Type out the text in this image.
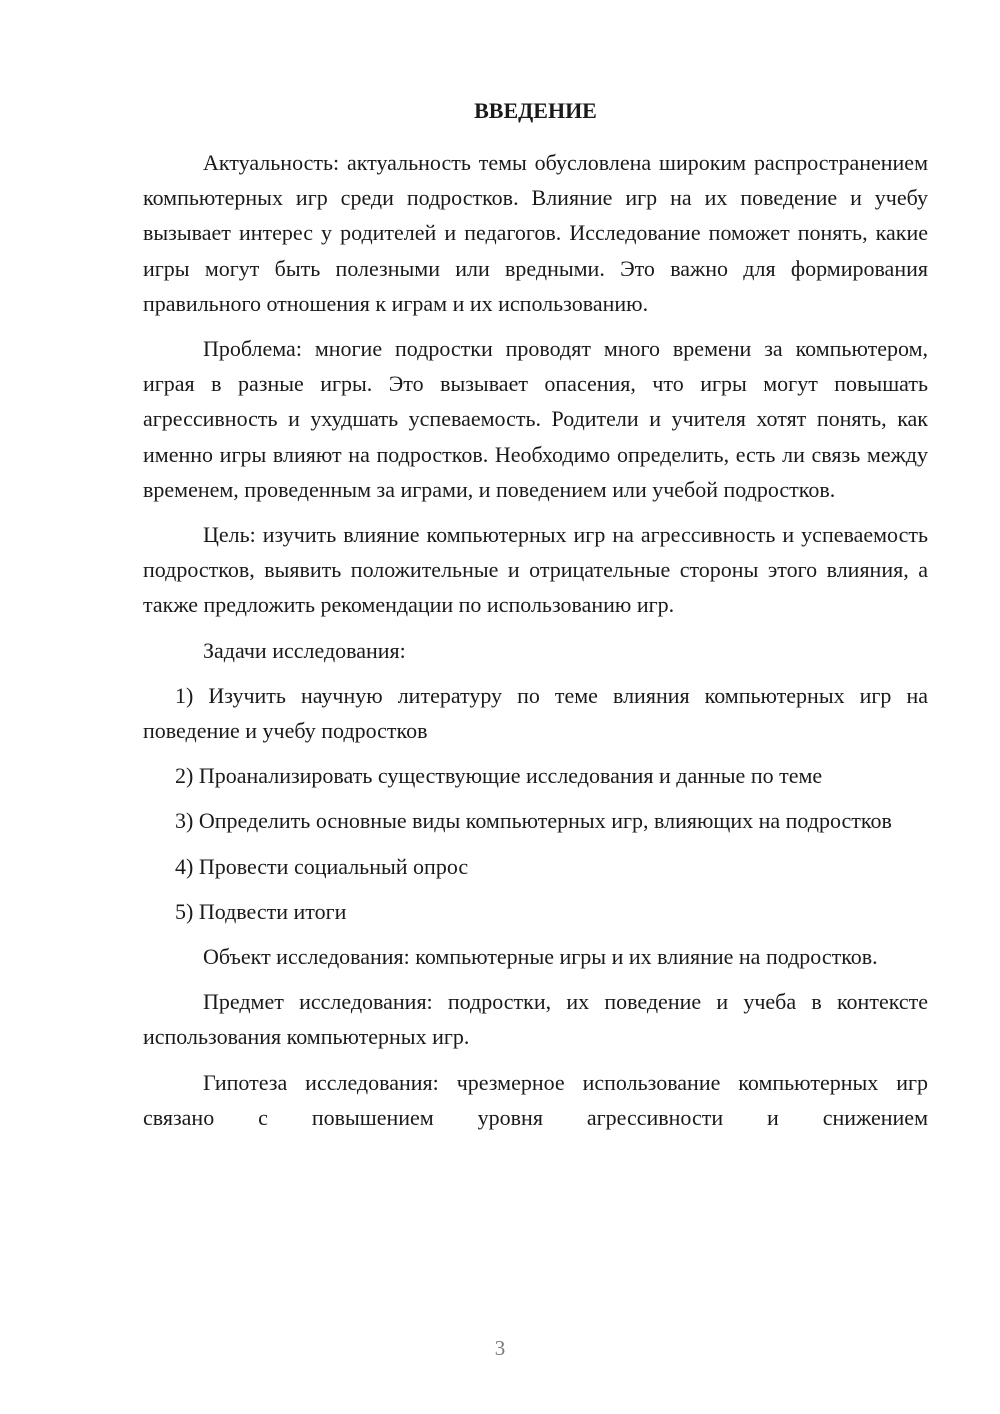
ВВЕДЕНИЕ

Актуальность: актуальность темы обусловлена широким распространением компьютерных игр среди подростков. Влияние игр на их поведение и учебу вызывает интерес у родителей и педагогов. Исследование поможет понять, какие игры могут быть полезными или вредными. Это важно для формирования правильного отношения к играм и их использованию.

Проблема: многие подростки проводят много времени за компьютером, играя в разные игры. Это вызывает опасения, что игры могут повышать агрессивность и ухудшать успеваемость. Родители и учителя хотят понять, как именно игры влияют на подростков. Необходимо определить, есть ли связь между временем, проведенным за играми, и поведением или учебой подростков.

Цель: изучить влияние компьютерных игр на агрессивность и успеваемость подростков, выявить положительные и отрицательные стороны этого влияния, а также предложить рекомендации по использованию игр.

Задачи исследования:

1) Изучить научную литературу по теме влияния компьютерных игр на поведение и учебу подростков

2) Проанализировать существующие исследования и данные по теме

3) Определить основные виды компьютерных игр, влияющих на подростков

4) Провести социальный опрос

5) Подвести итоги

Объект исследования: компьютерные игры и их влияние на подростков.

Предмет исследования: подростки, их поведение и учеба в контексте использования компьютерных игр.

Гипотеза исследования: чрезмерное использование компьютерных игр связано с повышением уровня агрессивности и снижением

3
